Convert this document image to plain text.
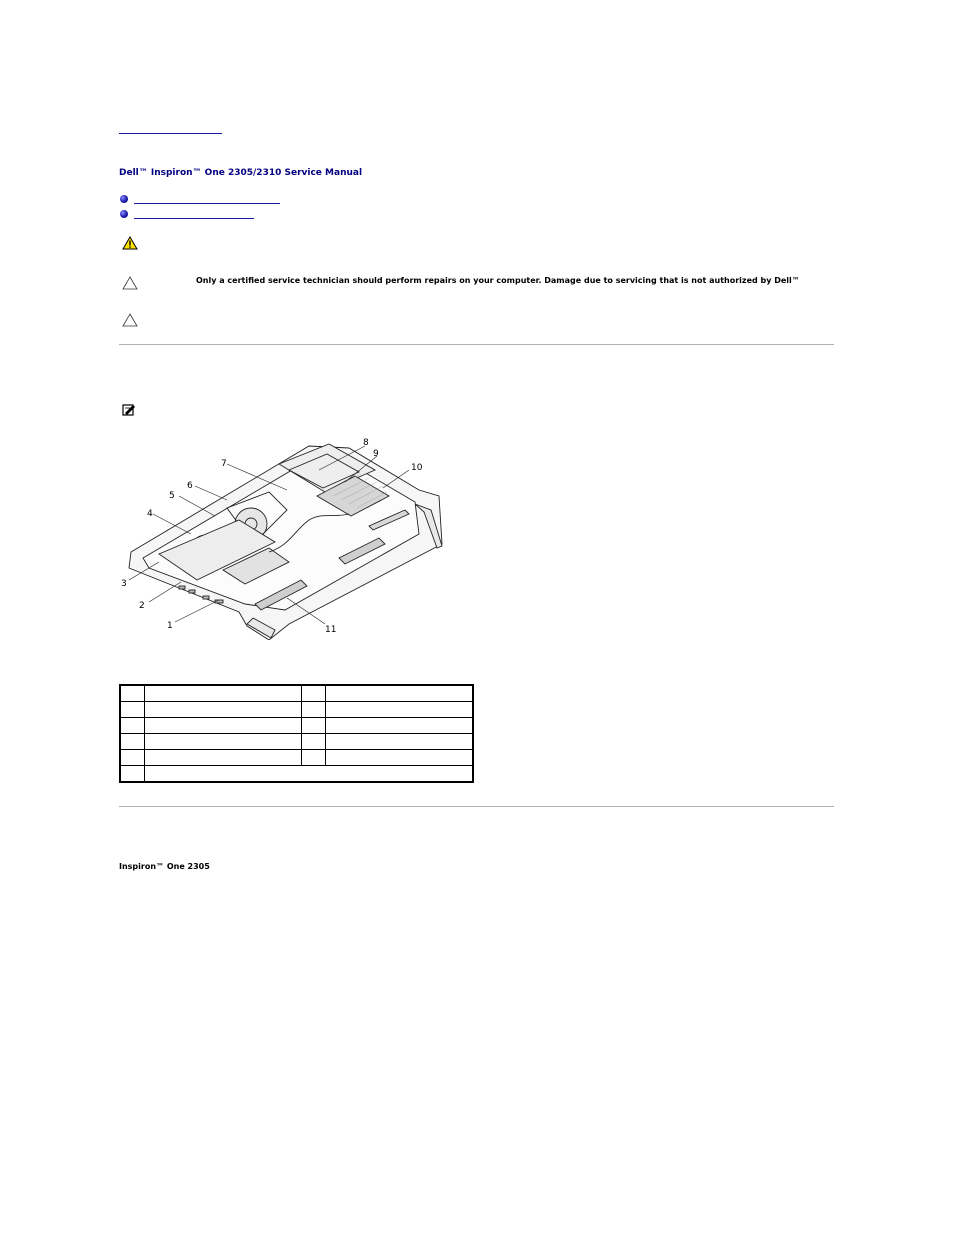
Dell™ Inspiron™ One 2305/2310 Service Manual
Only a certified service technician should perform repairs on your computer. Damage due to servicing that is not authorized by Dell™
1
2
3
4
5
6
7
8
9
10
11

Inspiron™ One 2305
